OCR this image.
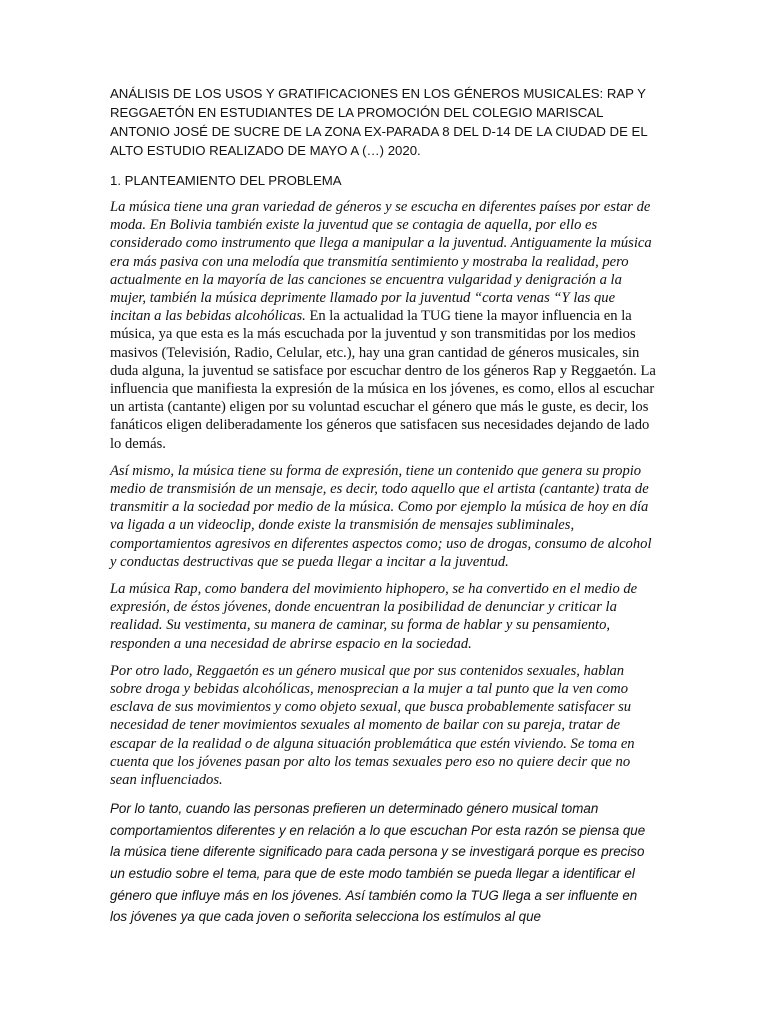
ANÁLISIS DE LOS USOS Y GRATIFICACIONES EN LOS GÉNEROS MUSICALES: RAP Y REGGAETÓN EN ESTUDIANTES DE LA PROMOCIÓN DEL COLEGIO MARISCAL ANTONIO JOSÉ DE SUCRE DE LA ZONA EX-PARADA 8 DEL D-14 DE LA CIUDAD DE EL ALTO ESTUDIO REALIZADO DE MAYO A (…) 2020.

1. PLANTEAMIENTO DEL PROBLEMA

La música tiene una gran variedad de géneros y se escucha en diferentes países por estar de moda. En Bolivia también existe la juventud que se contagia de aquella, por ello es considerado como instrumento que llega a manipular a la juventud. Antiguamente la música era más pasiva con una melodía que transmitía sentimiento y mostraba la realidad, pero actualmente en la mayoría de las canciones se encuentra vulgaridad y denigración a la mujer, también la música deprimente llamado por la juventud “corta venas “Y las que incitan a las bebidas alcohólicas. En la actualidad la TUG tiene la mayor influencia en la música, ya que esta es la más escuchada por la juventud y son transmitidas por los medios masivos (Televisión, Radio, Celular, etc.), hay una gran cantidad de géneros musicales, sin duda alguna, la juventud se satisface por escuchar dentro de los géneros Rap y Reggaetón. La influencia que manifiesta la expresión de la música en los jóvenes, es como, ellos al escuchar un artista (cantante) eligen por su voluntad escuchar el género que más le guste, es decir, los fanáticos eligen deliberadamente los géneros que satisfacen sus necesidades dejando de lado lo demás.

Así mismo, la música tiene su forma de expresión, tiene un contenido que genera su propio medio de transmisión de un mensaje, es decir, todo aquello que el artista (cantante) trata de transmitir a la sociedad por medio de la música. Como por ejemplo la música de hoy en día va ligada a un videoclip, donde existe la transmisión de mensajes subliminales, comportamientos agresivos en diferentes aspectos como; uso de drogas, consumo de alcohol y conductas destructivas que se pueda llegar a incitar a la juventud.

La música Rap, como bandera del movimiento hiphopero, se ha convertido en el medio de expresión, de éstos jóvenes, donde encuentran la posibilidad de denunciar y criticar la realidad. Su vestimenta, su manera de caminar, su forma de hablar y su pensamiento, responden a una necesidad de abrirse espacio en la sociedad.

Por otro lado, Reggaetón es un género musical que por sus contenidos sexuales, hablan sobre droga y bebidas alcohólicas, menosprecian a la mujer a tal punto que la ven como esclava de sus movimientos y como objeto sexual, que busca probablemente satisfacer su necesidad de tener movimientos sexuales al momento de bailar con su pareja, tratar de escapar de la realidad o de alguna situación problemática que estén viviendo. Se toma en cuenta que los jóvenes pasan por alto los temas sexuales pero eso no quiere decir que no sean influenciados.

Por lo tanto, cuando las personas prefieren un determinado género musical toman comportamientos diferentes y en relación a lo que escuchan Por esta razón se piensa que la música tiene diferente significado para cada persona y se investigará porque es preciso un estudio sobre el tema, para que de este modo también se pueda llegar a identificar el género que influye más en los jóvenes. Así también como la TUG llega a ser influente en los jóvenes ya que cada joven o señorita selecciona los estímulos al que
